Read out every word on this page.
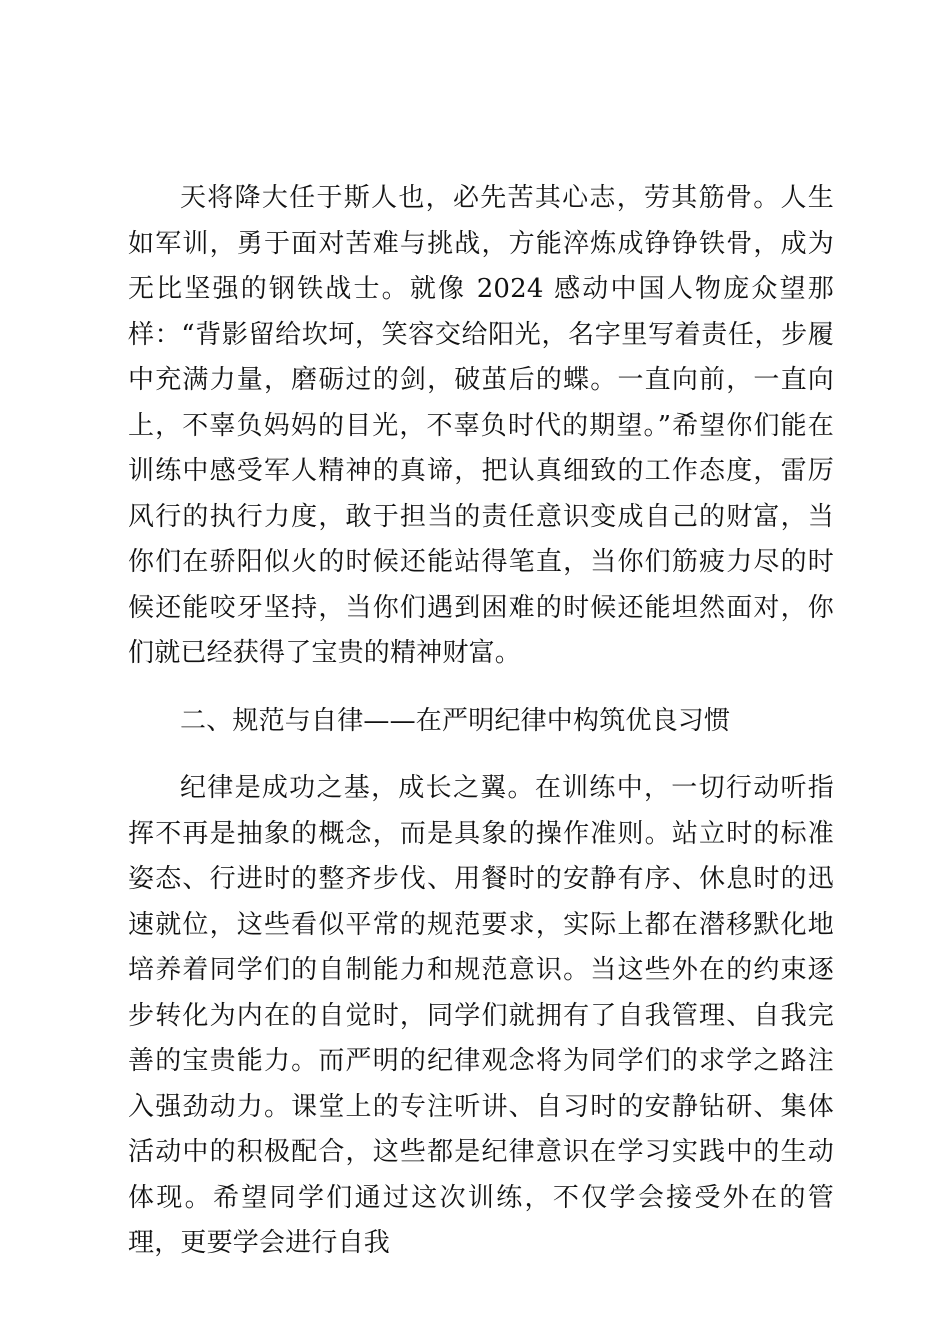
天将降大任于斯人也，必先苦其心志，劳其筋骨。人生如军训，勇于面对苦难与挑战，方能淬炼成铮铮铁骨，成为无比坚强的钢铁战士。就像 2024 感动中国人物庞众望那样：“背影留给坎坷，笑容交给阳光，名字里写着责任，步履中充满力量，磨砺过的剑，破茧后的蝶。一直向前，一直向上，不辜负妈妈的目光，不辜负时代的期望。”希望你们能在训练中感受军人精神的真谛，把认真细致的工作态度，雷厉风行的执行力度，敢于担当的责任意识变成自己的财富，当你们在骄阳似火的时候还能站得笔直，当你们筋疲力尽的时候还能咬牙坚持，当你们遇到困难的时候还能坦然面对，你们就已经获得了宝贵的精神财富。

二、规范与自律——在严明纪律中构筑优良习惯

纪律是成功之基，成长之翼。在训练中，一切行动听指挥不再是抽象的概念，而是具象的操作准则。站立时的标准姿态、行进时的整齐步伐、用餐时的安静有序、休息时的迅速就位，这些看似平常的规范要求，实际上都在潜移默化地培养着同学们的自制能力和规范意识。当这些外在的约束逐步转化为内在的自觉时，同学们就拥有了自我管理、自我完善的宝贵能力。而严明的纪律观念将为同学们的求学之路注入强劲动力。课堂上的专注听讲、自习时的安静钻研、集体活动中的积极配合，这些都是纪律意识在学习实践中的生动体现。希望同学们通过这次训练，不仅学会接受外在的管理，更要学会进行自我
